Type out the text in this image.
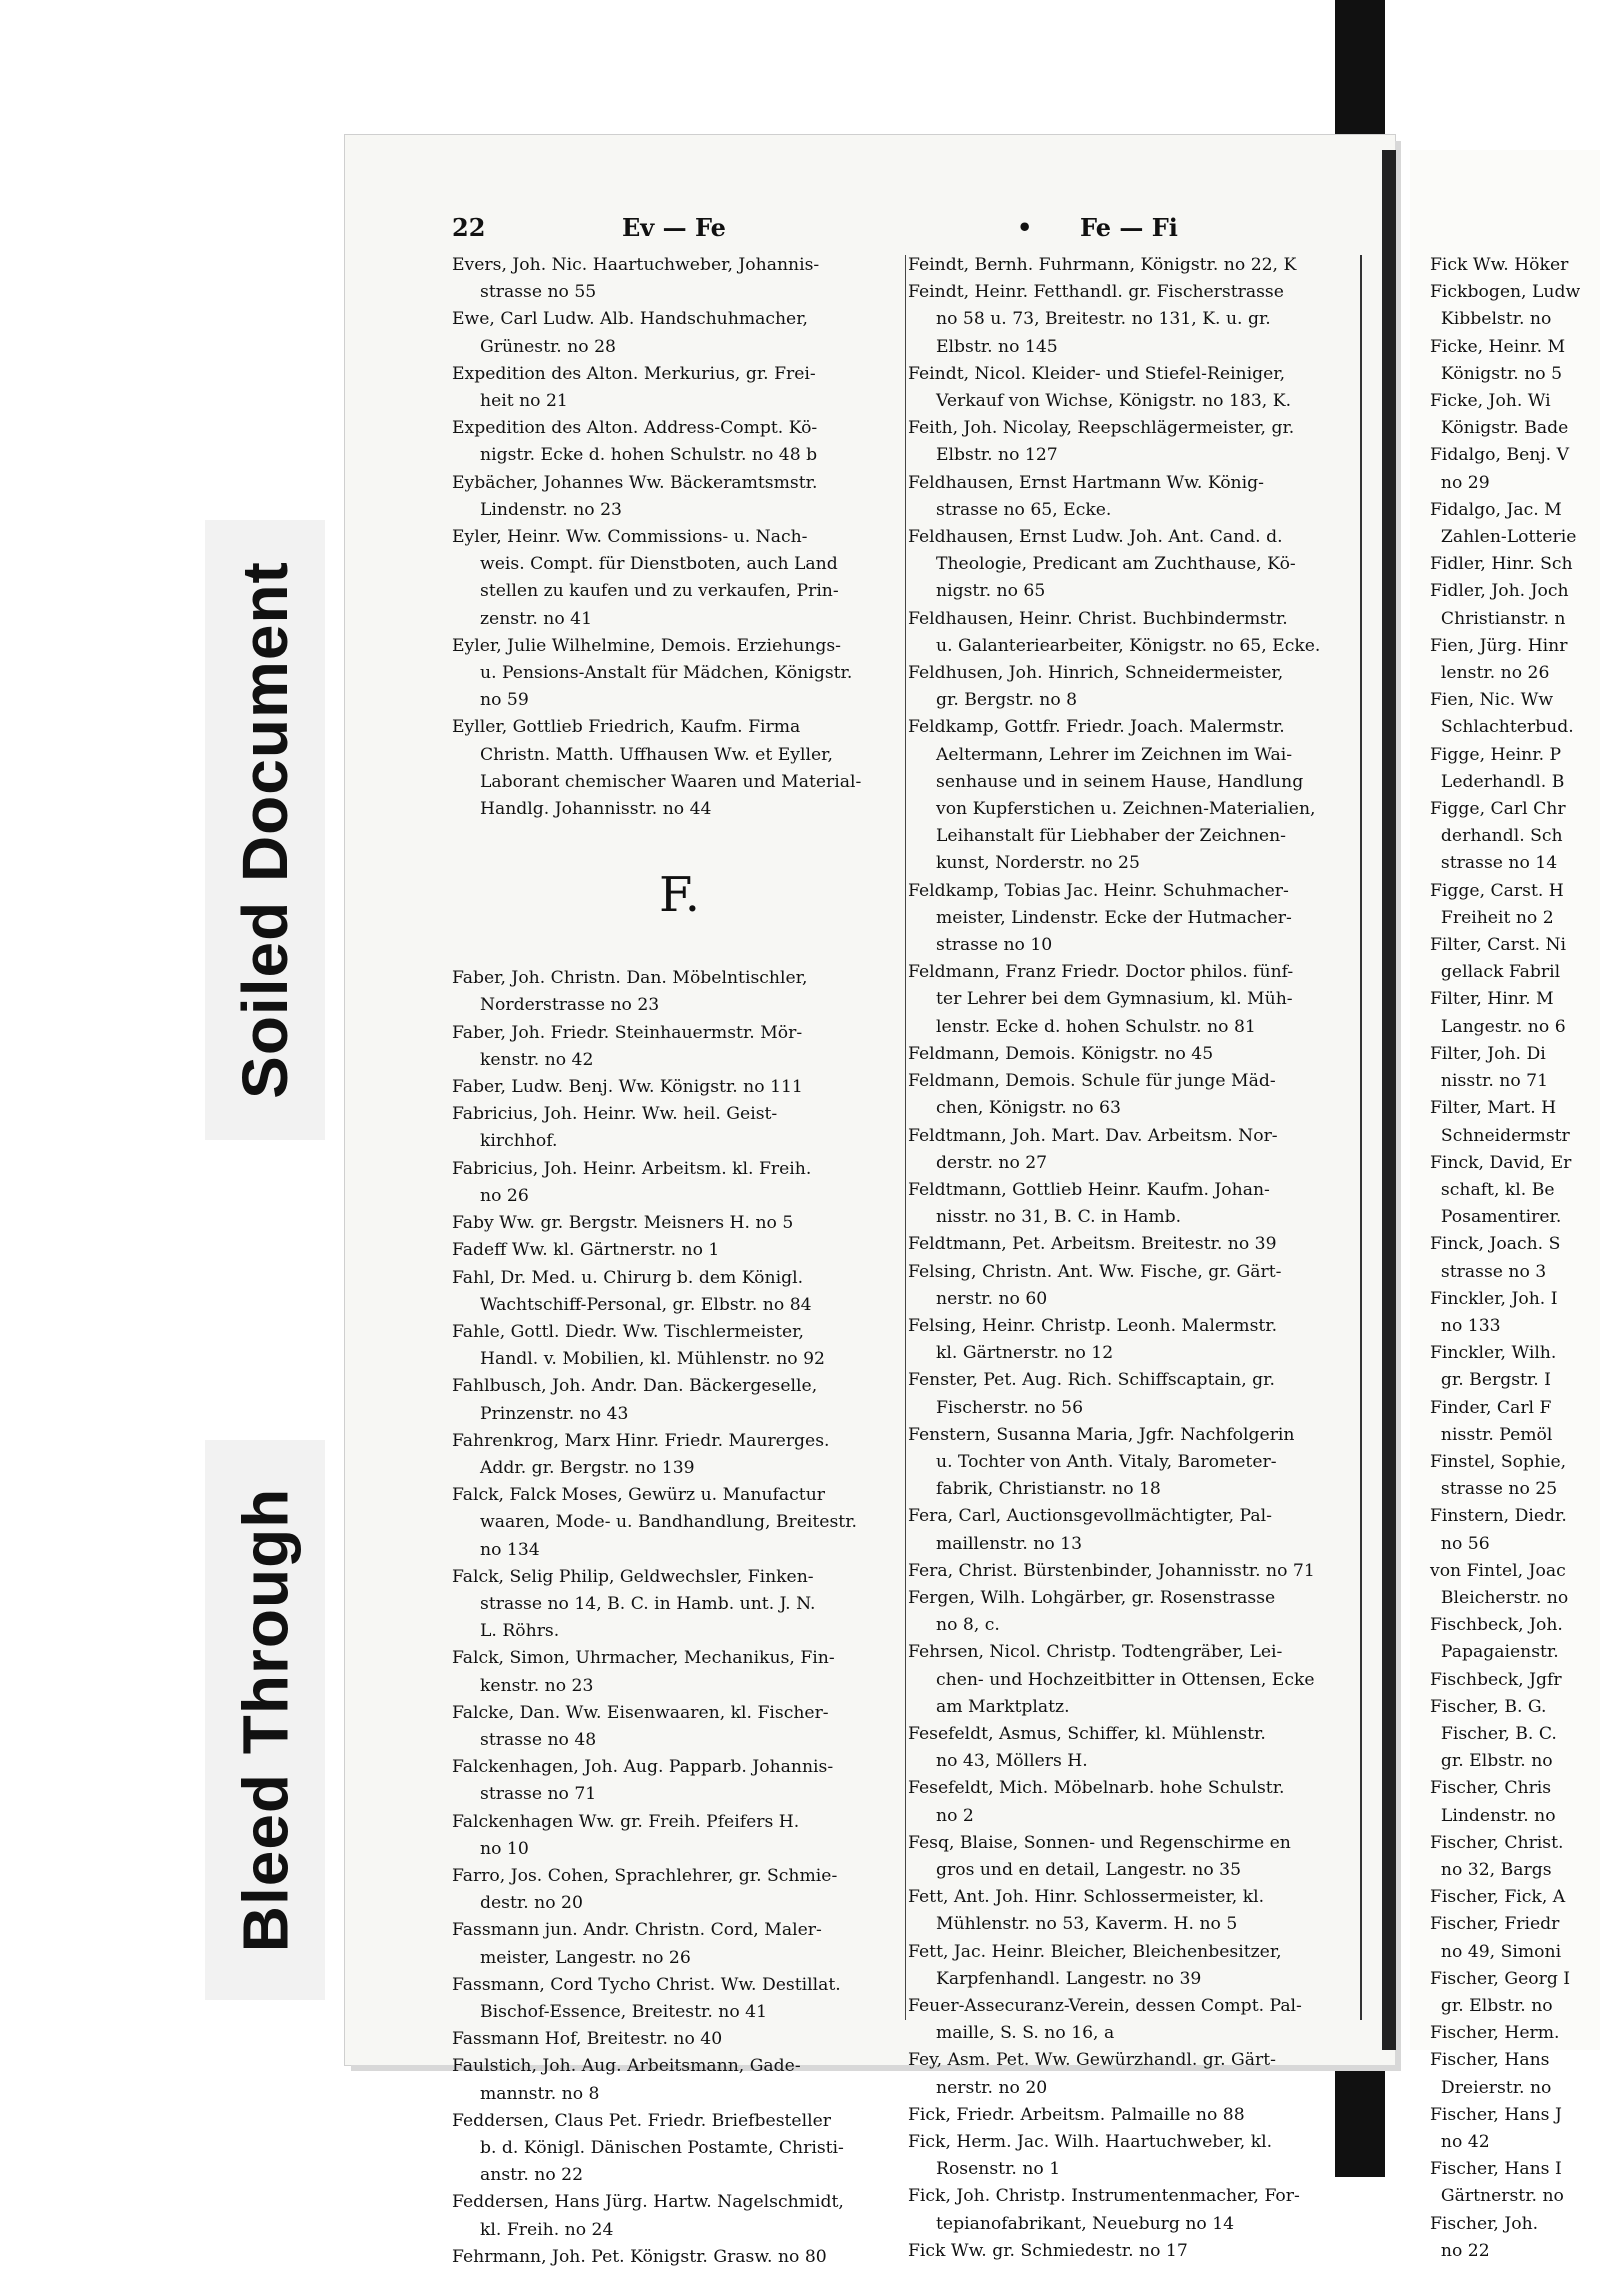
Soiled Document
Bleed Through
22	Ev — Fe	• Fe — Fi
Evers, Joh. Nic. Haartuchweber, Johannis-
strasse no 55
Ewe, Carl Ludw. Alb. Handschuhmacher,
Grünestr. no 28
Expedition des Alton. Merkurius, gr. Frei-
heit no 21
Expedition des Alton. Address-Compt. Kö-
nigstr. Ecke d. hohen Schulstr. no 48 b
Eybächer, Johannes Ww. Bäckeramtsmstr.
Lindenstr. no 23
Eyler, Heinr. Ww. Commissions- u. Nach-
weis. Compt. für Dienstboten, auch Land
stellen zu kaufen und zu verkaufen, Prin-
zenstr. no 41
Eyler, Julie Wilhelmine, Demois. Erziehungs-
u. Pensions-Anstalt für Mädchen, Königstr.
no 59
Eyller, Gottlieb Friedrich, Kaufm. Firma
Christn. Matth. Uffhausen Ww. et Eyller,
Laborant chemischer Waaren und Material-
Handlg. Johannisstr. no 44
F.
Faber, Joh. Christn. Dan. Möbelntischler,
Norderstrasse no 23
Faber, Joh. Friedr. Steinhauermstr. Mör-
kenstr. no 42
Faber, Ludw. Benj. Ww. Königstr. no 111
Fabricius, Joh. Heinr. Ww. heil. Geist-
kirchhof.
Fabricius, Joh. Heinr. Arbeitsm. kl. Freih.
no 26
Faby Ww. gr. Bergstr. Meisners H. no 5
Fadeff Ww. kl. Gärtnerstr. no 1
Fahl, Dr. Med. u. Chirurg b. dem Königl.
Wachtschiff-Personal, gr. Elbstr. no 84
Fahle, Gottl. Diedr. Ww. Tischlermeister,
Handl. v. Mobilien, kl. Mühlenstr. no 92
Fahlbusch, Joh. Andr. Dan. Bäckergeselle,
Prinzenstr. no 43
Fahrenkrog, Marx Hinr. Friedr. Maurerges.
Addr. gr. Bergstr. no 139
Falck, Falck Moses, Gewürz u. Manufactur
waaren, Mode- u. Bandhandlung, Breitestr.
no 134
Falck, Selig Philip, Geldwechsler, Finken-
strasse no 14, B. C. in Hamb. unt. J. N.
L. Röhrs.
Falck, Simon, Uhrmacher, Mechanikus, Fin-
kenstr. no 23
Falcke, Dan. Ww. Eisenwaaren, kl. Fischer-
strasse no 48
Falckenhagen, Joh. Aug. Papparb. Johannis-
strasse no 71
Falckenhagen Ww. gr. Freih. Pfeifers H.
no 10
Farro, Jos. Cohen, Sprachlehrer, gr. Schmie-
destr. no 20
Fassmann jun. Andr. Christn. Cord, Maler-
meister, Langestr. no 26
Fassmann, Cord Tycho Christ. Ww. Destillat.
Bischof-Essence, Breitestr. no 41
Fassmann Hof, Breitestr. no 40
Faulstich, Joh. Aug. Arbeitsmann, Gade-
mannstr. no 8
Feddersen, Claus Pet. Friedr. Briefbesteller
b. d. Königl. Dänischen Postamte, Christi-
anstr. no 22
Feddersen, Hans Jürg. Hartw. Nagelschmidt,
kl. Freih. no 24
Fehrmann, Joh. Pet. Königstr. Grasw. no 80
Feindt, Bernh. Fuhrmann, Königstr. no 22, K
Feindt, Heinr. Fetthandl. gr. Fischerstrasse
no 58 u. 73, Breitestr. no 131, K. u. gr.
Elbstr. no 145
Feindt, Nicol. Kleider- und Stiefel-Reiniger,
Verkauf von Wichse, Königstr. no 183, K.
Feith, Joh. Nicolay, Reepschlägermeister, gr.
Elbstr. no 127
Feldhausen, Ernst Hartmann Ww. König-
strasse no 65, Ecke.
Feldhausen, Ernst Ludw. Joh. Ant. Cand. d.
Theologie, Predicant am Zuchthause, Kö-
nigstr. no 65
Feldhausen, Heinr. Christ. Buchbindermstr.
u. Galanteriearbeiter, Königstr. no 65, Ecke.
Feldhusen, Joh. Hinrich, Schneidermeister,
gr. Bergstr. no 8
Feldkamp, Gottfr. Friedr. Joach. Malermstr.
Aeltermann, Lehrer im Zeichnen im Wai-
senhause und in seinem Hause, Handlung
von Kupferstichen u. Zeichnen-Materialien,
Leihanstalt für Liebhaber der Zeichnen-
kunst, Norderstr. no 25
Feldkamp, Tobias Jac. Heinr. Schuhmacher-
meister, Lindenstr. Ecke der Hutmacher-
strasse no 10
Feldmann, Franz Friedr. Doctor philos. fünf-
ter Lehrer bei dem Gymnasium, kl. Müh-
lenstr. Ecke d. hohen Schulstr. no 81
Feldmann, Demois. Königstr. no 45
Feldmann, Demois. Schule für junge Mäd-
chen, Königstr. no 63
Feldtmann, Joh. Mart. Dav. Arbeitsm. Nor-
derstr. no 27
Feldtmann, Gottlieb Heinr. Kaufm. Johan-
nisstr. no 31, B. C. in Hamb.
Feldtmann, Pet. Arbeitsm. Breitestr. no 39
Felsing, Christn. Ant. Ww. Fische, gr. Gärt-
nerstr. no 60
Felsing, Heinr. Christp. Leonh. Malermstr.
kl. Gärtnerstr. no 12
Fenster, Pet. Aug. Rich. Schiffscaptain, gr.
Fischerstr. no 56
Fenstern, Susanna Maria, Jgfr. Nachfolgerin
u. Tochter von Anth. Vitaly, Barometer-
fabrik, Christianstr. no 18
Fera, Carl, Auctionsgevollmächtigter, Pal-
maillenstr. no 13
Fera, Christ. Bürstenbinder, Johannisstr. no 71
Fergen, Wilh. Lohgärber, gr. Rosenstrasse
no 8, c.
Fehrsen, Nicol. Christp. Todtengräber, Lei-
chen- und Hochzeitbitter in Ottensen, Ecke
am Marktplatz.
Fesefeldt, Asmus, Schiffer, kl. Mühlenstr.
no 43, Möllers H.
Fesefeldt, Mich. Möbelnarb. hohe Schulstr.
no 2
Fesq, Blaise, Sonnen- und Regenschirme en
gros und en detail, Langestr. no 35
Fett, Ant. Joh. Hinr. Schlossermeister, kl.
Mühlenstr. no 53, Kaverm. H. no 5
Fett, Jac. Heinr. Bleicher, Bleichenbesitzer,
Karpfenhandl. Langestr. no 39
Feuer-Assecuranz-Verein, dessen Compt. Pal-
maille, S. S. no 16, a
Fey, Asm. Pet. Ww. Gewürzhandl. gr. Gärt-
nerstr. no 20
Fick, Friedr. Arbeitsm. Palmaille no 88
Fick, Herm. Jac. Wilh. Haartuchweber, kl.
Rosenstr. no 1
Fick, Joh. Christp. Instrumentenmacher, For-
tepianofabrikant, Neueburg no 14
Fick Ww. gr. Schmiedestr. no 17
Fick Ww. Höker
Fickbogen, Ludw
Kibbelstr. no
Ficke, Heinr. M
Königstr. no 5
Ficke, Joh. Wi
Königstr. Bade
Fidalgo, Benj. V
no 29
Fidalgo, Jac. M
Zahlen-Lotterie
Fidler, Hinr. Sch
Fidler, Joh. Joch
Christianstr. n
Fien, Jürg. Hinr
lenstr. no 26
Fien, Nic. Ww
Schlachterbud.
Figge, Heinr. P
Lederhandl. B
Figge, Carl Chr
derhandl. Sch
strasse no 14
Figge, Carst. H
Freiheit no 2
Filter, Carst. Ni
gellack Fabril
Filter, Hinr. M
Langestr. no 6
Filter, Joh. Di
nisstr. no 71
Filter, Mart. H
Schneidermstr
Finck, David, Er
schaft, kl. Be
Posamentirer.
Finck, Joach. S
strasse no 3
Finckler, Joh. I
no 133
Finckler, Wilh.
gr. Bergstr. I
Finder, Carl F
nisstr. Pemöl
Finstel, Sophie,
strasse no 25
Finstern, Diedr.
no 56
von Fintel, Joac
Bleicherstr. no
Fischbeck, Joh.
Papagaienstr.
Fischbeck, Jgfr
Fischer, B. G.
Fischer, B. C.
gr. Elbstr. no
Fischer, Chris
Lindenstr. no
Fischer, Christ.
no 32, Bargs
Fischer, Fick, A
Fischer, Friedr
no 49, Simoni
Fischer, Georg I
gr. Elbstr. no
Fischer, Herm.
Fischer, Hans
Dreierstr. no
Fischer, Hans J
no 42
Fischer, Hans I
Gärtnerstr. no
Fischer, Joh.
no 22
